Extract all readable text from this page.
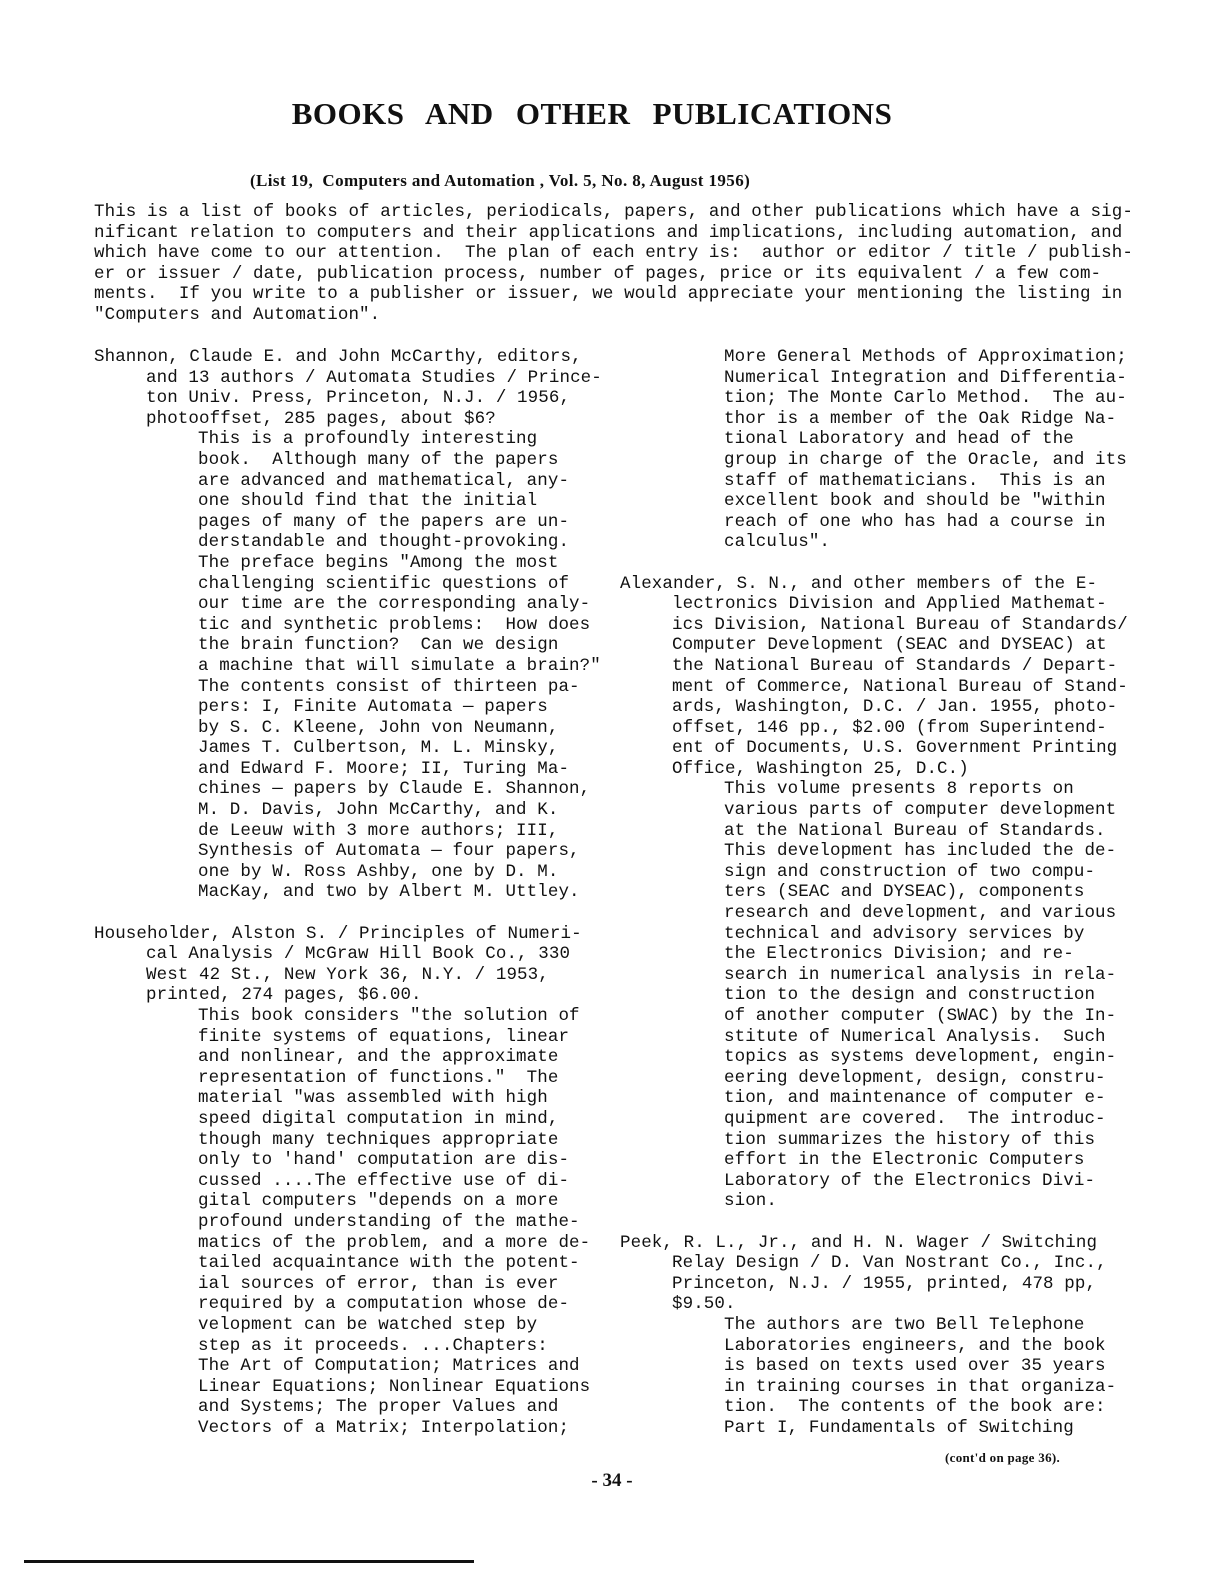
BOOKS AND OTHER PUBLICATIONS
(List 19,  Computers and Automation , Vol. 5, No. 8, August 1956)
This is a list of books of articles, periodicals, papers, and other publications which have a sig-
nificant relation to computers and their applications and implications, including automation, and
which have come to our attention.  The plan of each entry is:  author or editor / title / publish-
er or issuer / date, publication process, number of pages, price or its equivalent / a few com-
ments.  If you write to a publisher or issuer, we would appreciate your mentioning the listing in
"Computers and Automation".
Shannon, Claude E. and John McCarthy, editors,
and 13 authors / Automata Studies / Prince-
ton Univ. Press, Princeton, N.J. / 1956,
photooffset, 285 pages, about $6?
This is a profoundly interesting
book.  Although many of the papers
are advanced and mathematical, any-
one should find that the initial
pages of many of the papers are un-
derstandable and thought-provoking.
The preface begins "Among the most
challenging scientific questions of
our time are the corresponding analy-
tic and synthetic problems:  How does
the brain function?  Can we design
a machine that will simulate a brain?"
The contents consist of thirteen pa-
pers: I, Finite Automata — papers
by S. C. Kleene, John von Neumann,
James T. Culbertson, M. L. Minsky,
and Edward F. Moore; II, Turing Ma-
chines — papers by Claude E. Shannon,
M. D. Davis, John McCarthy, and K.
de Leeuw with 3 more authors; III,
Synthesis of Automata — four papers,
one by W. Ross Ashby, one by D. M.
MacKay, and two by Albert M. Uttley.
Householder, Alston S. / Principles of Numeri-
cal Analysis / McGraw Hill Book Co., 330
West 42 St., New York 36, N.Y. / 1953,
printed, 274 pages, $6.00.
This book considers "the solution of
finite systems of equations, linear
and nonlinear, and the approximate
representation of functions."  The
material "was assembled with high
speed digital computation in mind,
though many techniques appropriate
only to 'hand' computation are dis-
cussed ....The effective use of di-
gital computers "depends on a more
profound understanding of the mathe-
matics of the problem, and a more de-
tailed acquaintance with the potent-
ial sources of error, than is ever
required by a computation whose de-
velopment can be watched step by
step as it proceeds. ...Chapters:
The Art of Computation; Matrices and
Linear Equations; Nonlinear Equations
and Systems; The proper Values and
Vectors of a Matrix; Interpolation;
More General Methods of Approximation;
Numerical Integration and Differentia-
tion; The Monte Carlo Method.  The au-
thor is a member of the Oak Ridge Na-
tional Laboratory and head of the
group in charge of the Oracle, and its
staff of mathematicians.  This is an
excellent book and should be "within
reach of one who has had a course in
calculus".
Alexander, S. N., and other members of the E-
lectronics Division and Applied Mathemat-
ics Division, National Bureau of Standards/
Computer Development (SEAC and DYSEAC) at
the National Bureau of Standards / Depart-
ment of Commerce, National Bureau of Stand-
ards, Washington, D.C. / Jan. 1955, photo-
offset, 146 pp., $2.00 (from Superintend-
ent of Documents, U.S. Government Printing
Office, Washington 25, D.C.)
This volume presents 8 reports on
various parts of computer development
at the National Bureau of Standards.
This development has included the de-
sign and construction of two compu-
ters (SEAC and DYSEAC), components
research and development, and various
technical and advisory services by
the Electronics Division; and re-
search in numerical analysis in rela-
tion to the design and construction
of another computer (SWAC) by the In-
stitute of Numerical Analysis.  Such
topics as systems development, engin-
eering development, design, constru-
tion, and maintenance of computer e-
quipment are covered.  The introduc-
tion summarizes the history of this
effort in the Electronic Computers
Laboratory of the Electronics Divi-
sion.
Peek, R. L., Jr., and H. N. Wager / Switching
Relay Design / D. Van Nostrant Co., Inc.,
Princeton, N.J. / 1955, printed, 478 pp,
$9.50.
The authors are two Bell Telephone
Laboratories engineers, and the book
is based on texts used over 35 years
in training courses in that organiza-
tion.  The contents of the book are:
Part I, Fundamentals of Switching
(cont'd on page 36).
- 34 -
